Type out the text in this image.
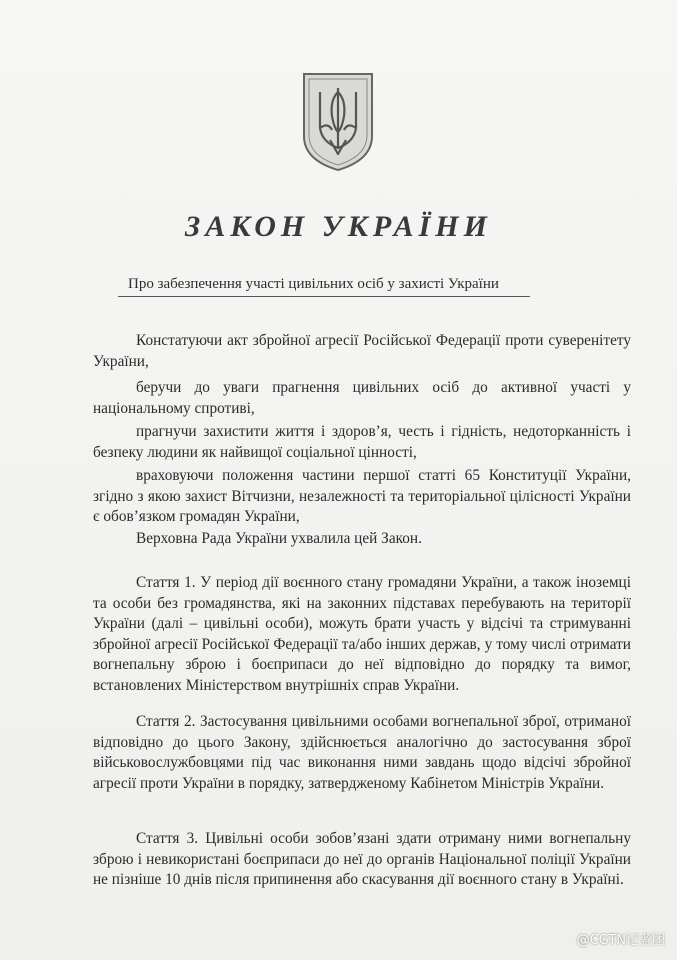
ЗАКОН УКРАЇНИ
Про забезпечення участі цивільних осіб у захисті України
Констатуючи акт збройної агресії Російської Федерації проти суверенітету України,
беручи до уваги прагнення цивільних осіб до активної участі у національному спротиві,
прагнучи захистити життя і здоров’я, честь і гідність, недоторканність і безпеку людини як найвищої соціальної цінності,
враховуючи положення частини першої статті 65 Конституції України, згідно з якою захист Вітчизни, незалежності та територіальної цілісності України є обов’язком громадян України,
Верховна Рада України ухвалила цей Закон.
Стаття 1. У період дії воєнного стану громадяни України, а також іноземці та особи без громадянства, які на законних підставах перебувають на території України (далі – цивільні особи), можуть брати участь у відсічі та стримуванні збройної агресії Російської Федерації та/або інших держав, у тому числі отримати вогнепальну зброю і боєприпаси до неї відповідно до порядку та вимог, встановлених Міністерством внутрішніх справ України.
Стаття 2. Застосування цивільними особами вогнепальної зброї, отриманої відповідно до цього Закону, здійснюється аналогічно до застосування зброї військовослужбовцями під час виконання ними завдань щодо відсічі збройної агресії проти України в порядку, затвердженому Кабінетом Міністрів України.
Стаття 3. Цивільні особи зобов’язані здати отриману ними вогнепальну зброю і невикористані боєприпаси до неї до органів Національної поліції України не пізніше 10 днів після припинення або скасування дії воєнного стану в Україні.
@CGTN记者团
